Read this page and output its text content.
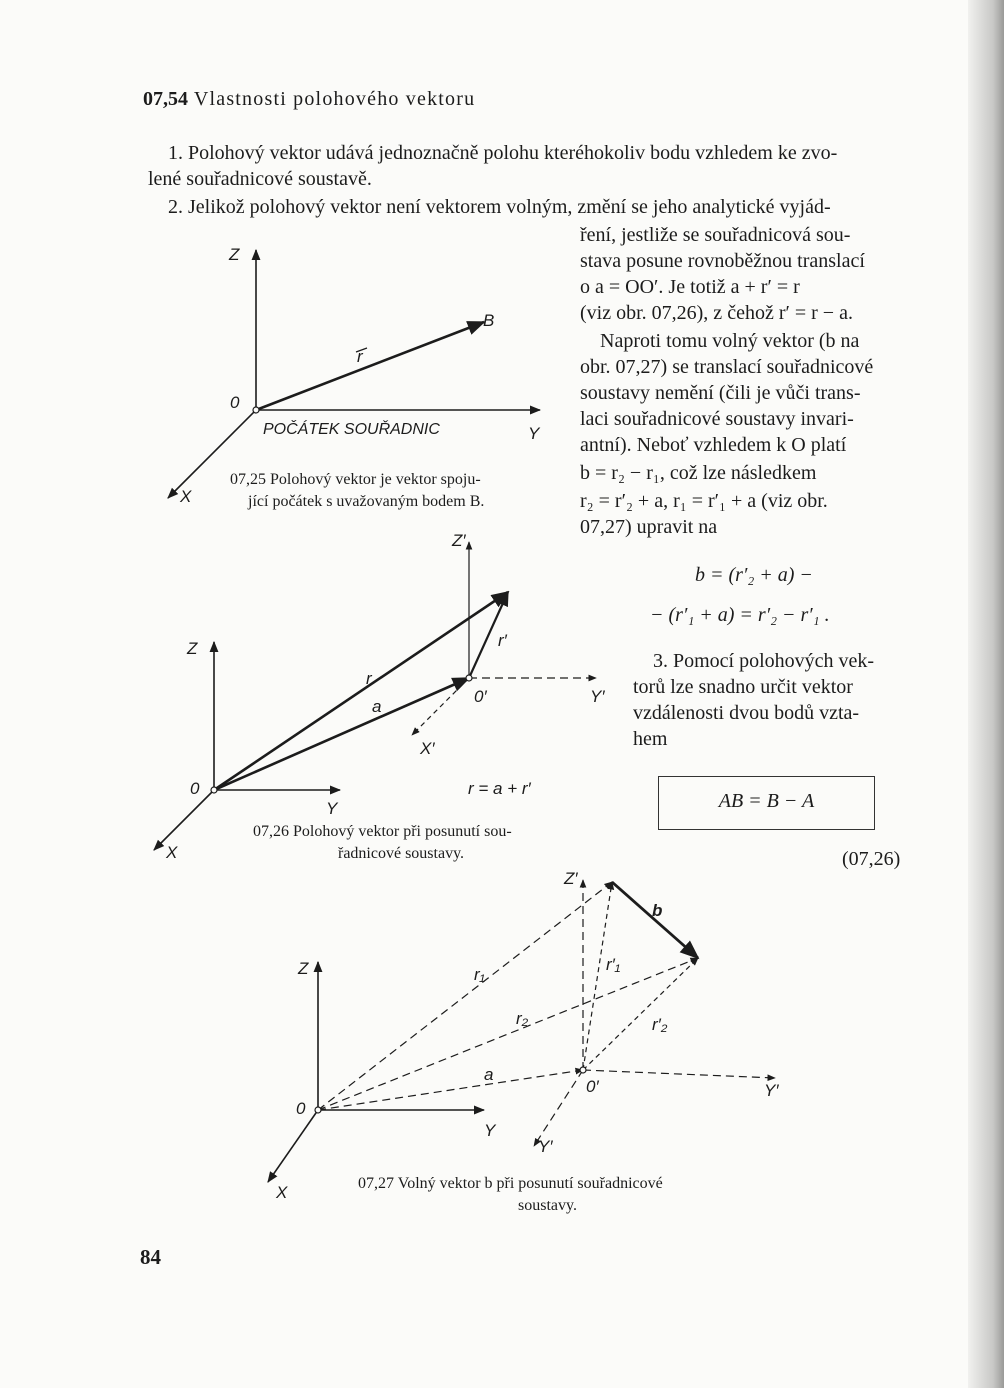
07,54 Vlastnosti polohového vektoru
1. Polohový vektor udává jednoznačně polohu kteréhokoliv bodu vzhledem ke zvo-
lené souřadnicové soustavě.
2. Jelikož polohový vektor není vektorem volným, změní se jeho analytické vyjád-
ření, jestliže se souřadnicová sou-
stava posune rovnoběžnou translací
o a = OO′. Je totiž a + r′ = r
(viz obr. 07,26), z čehož r′ = r − a.
Naproti tomu volný vektor (b na
obr. 07,27) se translací souřadnicové
soustavy nemění (čili je vůči trans-
laci souřadnicové soustavy invari-
antní). Neboť vzhledem k O platí
b = r₂ − r₁, což lze následkem
r₂ = r′₂ + a, r₁ = r′₁ + a (viz obr.
07,27) upravit na
b = (r′₂ + a) −
− (r′₁ + a) = r′₂ − r′₁ .
3. Pomocí polohových vek-
torů lze snadno určit vektor
vzdálenosti dvou bodů vzta-
hem
AB = B − A
(07,26)
Z
0
X
Y
B
r
POČÁTEK SOUŘADNIC
07,25 Polohový vektor je vektor spoju-
jící počátek s uvažovaným bodem B.
Z
0
X
Y
Z′
0′
X′
Y′
r
a
r′
r = a + r′
07,26 Polohový vektor při posunutí sou-
řadnicové soustavy.
Z
0
X
Y
Z′
0′	Y′
Y′
b
r₁
r₂
a
r′₁
r′₂
07,27 Volný vektor b při posunutí souřadnicové
soustavy.
84
